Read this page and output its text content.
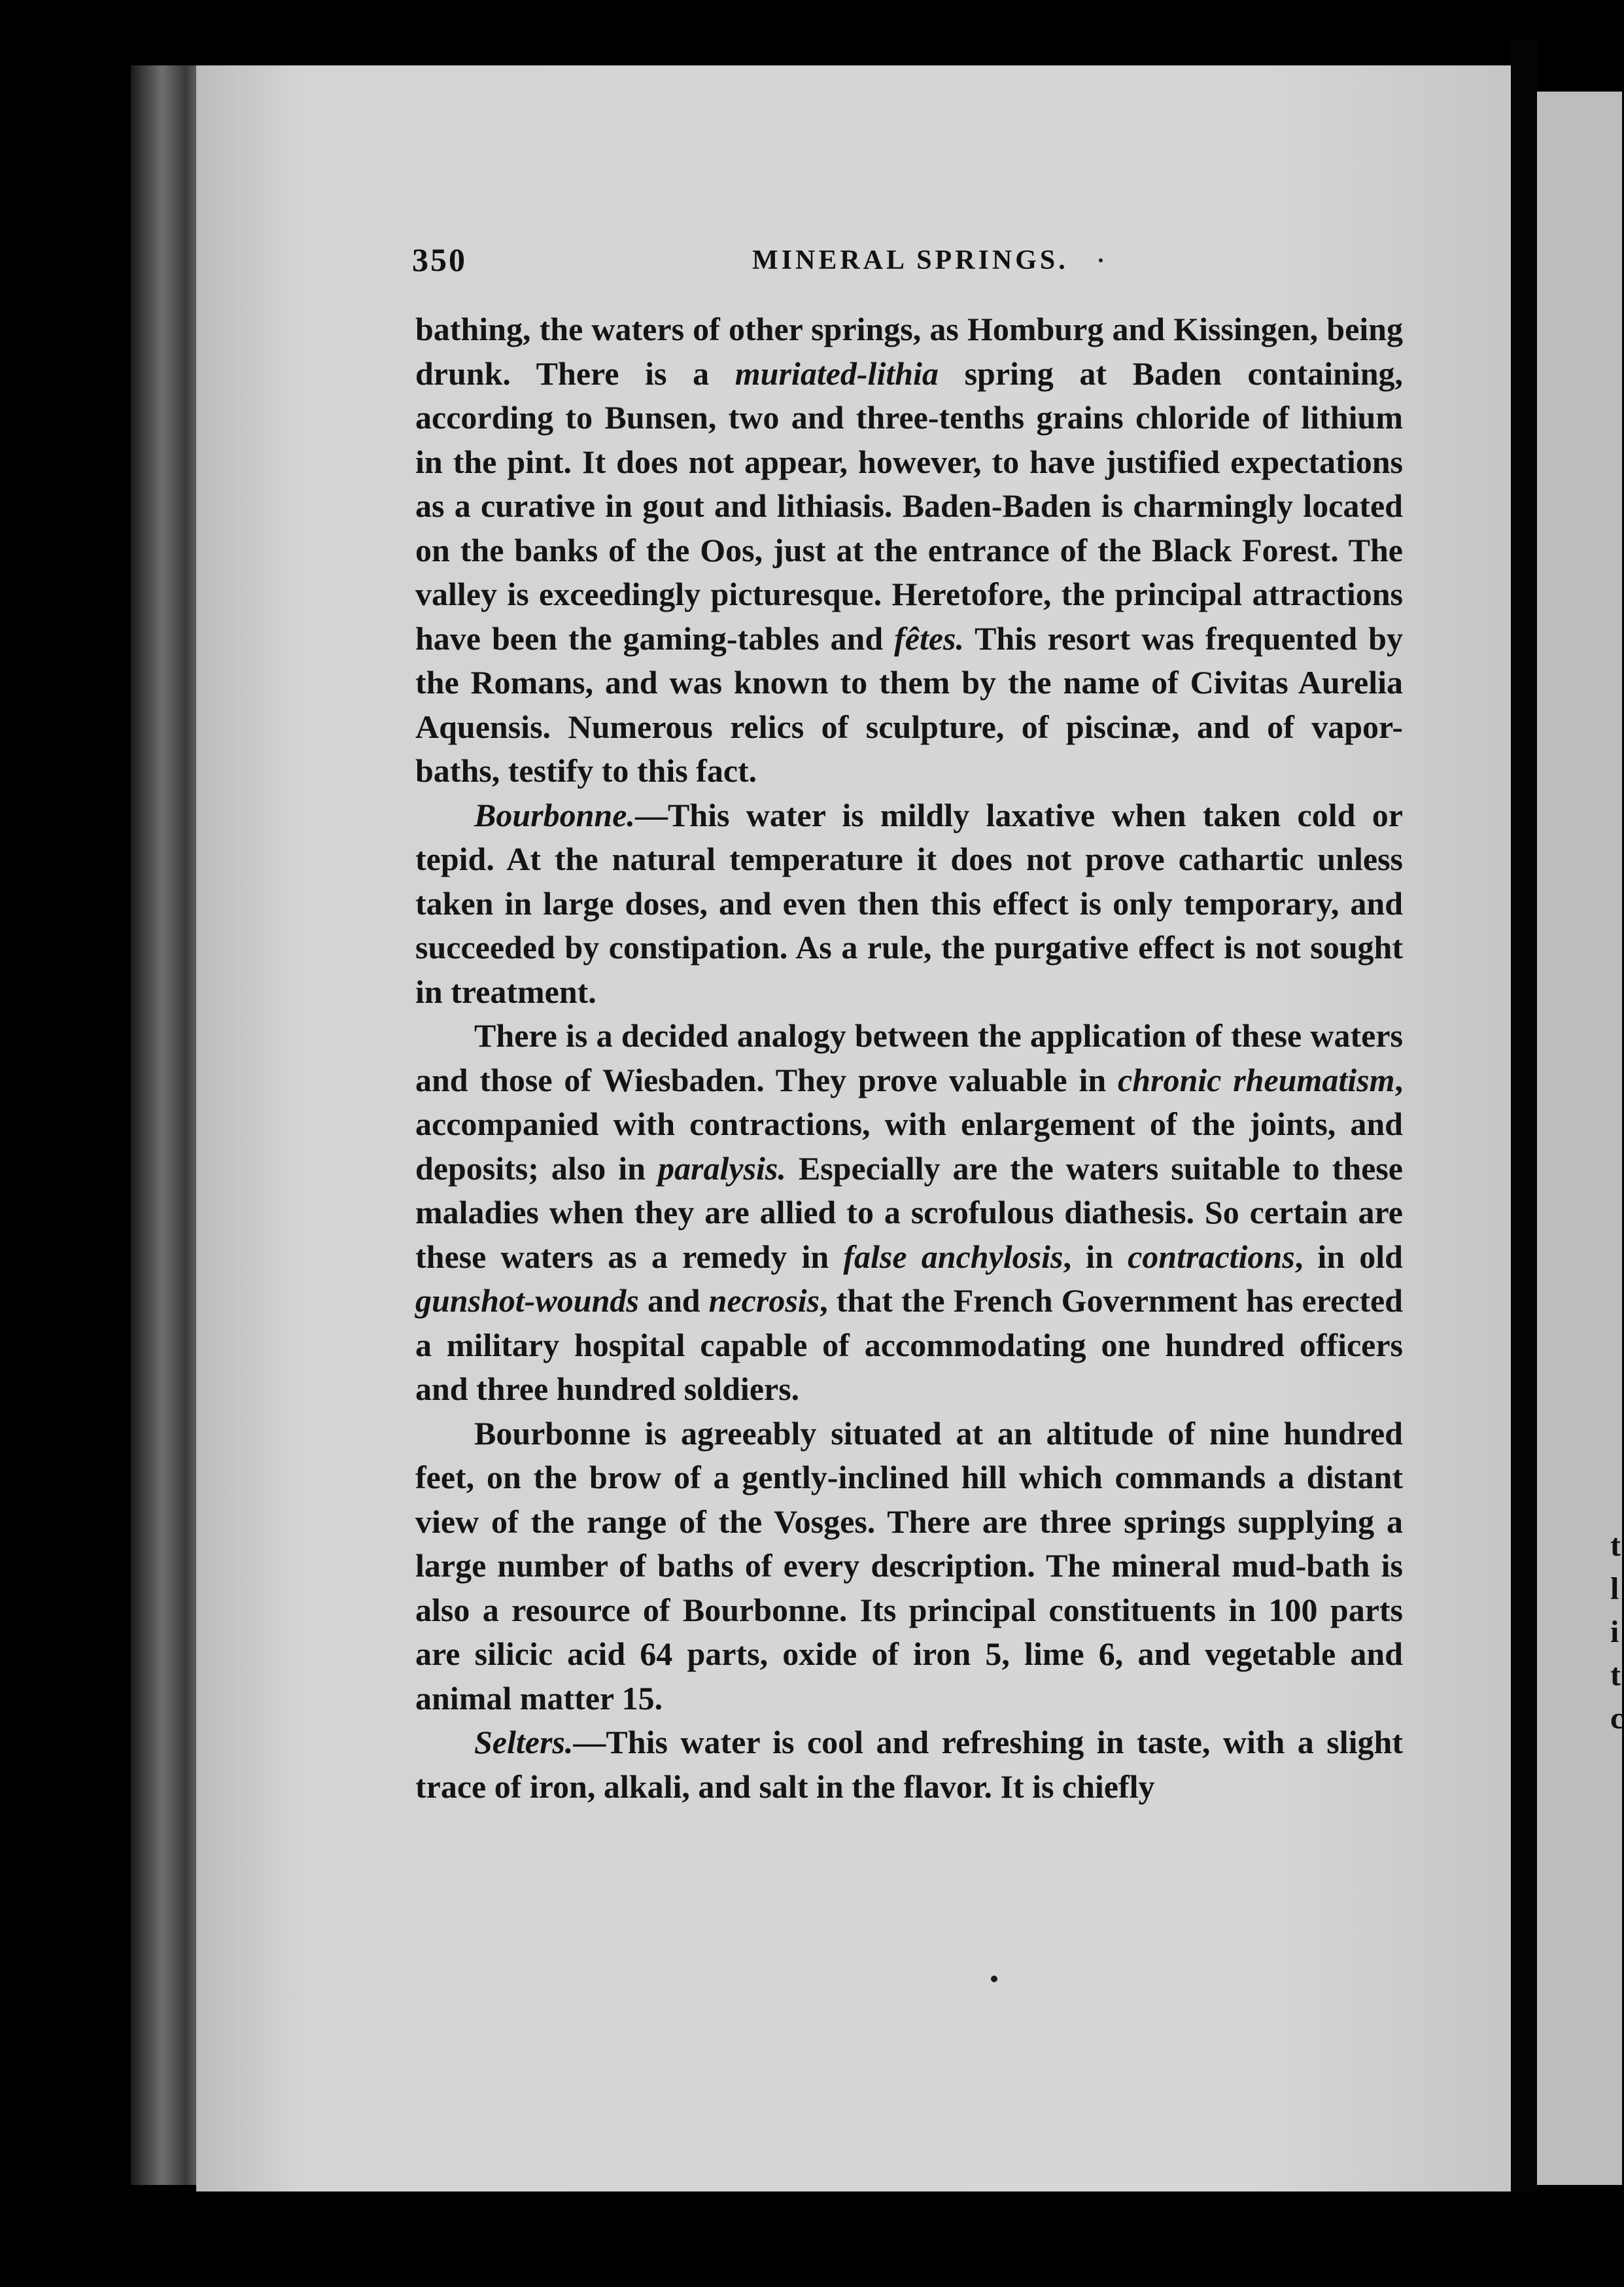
t
l
i
t
c
350	MINERAL SPRINGS.

bathing, the waters of other springs, as Homburg and Kissingen, being drunk. There is a muriated-lithia spring at Baden containing, according to Bunsen, two and three-tenths grains chloride of lithium in the pint. It does not appear, however, to have justified expectations as a curative in gout and lithiasis. Baden-Baden is charmingly located on the banks of the Oos, just at the entrance of the Black Forest. The valley is exceedingly picturesque. Heretofore, the principal attractions have been the gaming-tables and fêtes. This resort was frequented by the Romans, and was known to them by the name of Civitas Aurelia Aquensis. Numerous relics of sculpture, of piscinæ, and of vapor-baths, testify to this fact.

Bourbonne.—This water is mildly laxative when taken cold or tepid. At the natural temperature it does not prove cathartic unless taken in large doses, and even then this effect is only temporary, and succeeded by constipation. As a rule, the purgative effect is not sought in treatment.

There is a decided analogy between the application of these waters and those of Wiesbaden. They prove valuable in chronic rheumatism, accompanied with contractions, with enlargement of the joints, and deposits; also in paralysis. Especially are the waters suitable to these maladies when they are allied to a scrofulous diathesis. So certain are these waters as a remedy in false anchylosis, in contractions, in old gunshot-wounds and necrosis, that the French Government has erected a military hospital capable of accommodating one hundred officers and three hundred soldiers.

Bourbonne is agreeably situated at an altitude of nine hundred feet, on the brow of a gently-inclined hill which commands a distant view of the range of the Vosges. There are three springs supplying a large number of baths of every description. The mineral mud-bath is also a resource of Bourbonne. Its principal constituents in 100 parts are silicic acid 64 parts, oxide of iron 5, lime 6, and vegetable and animal matter 15.

Selters.—This water is cool and refreshing in taste, with a slight trace of iron, alkali, and salt in the flavor. It is chiefly
